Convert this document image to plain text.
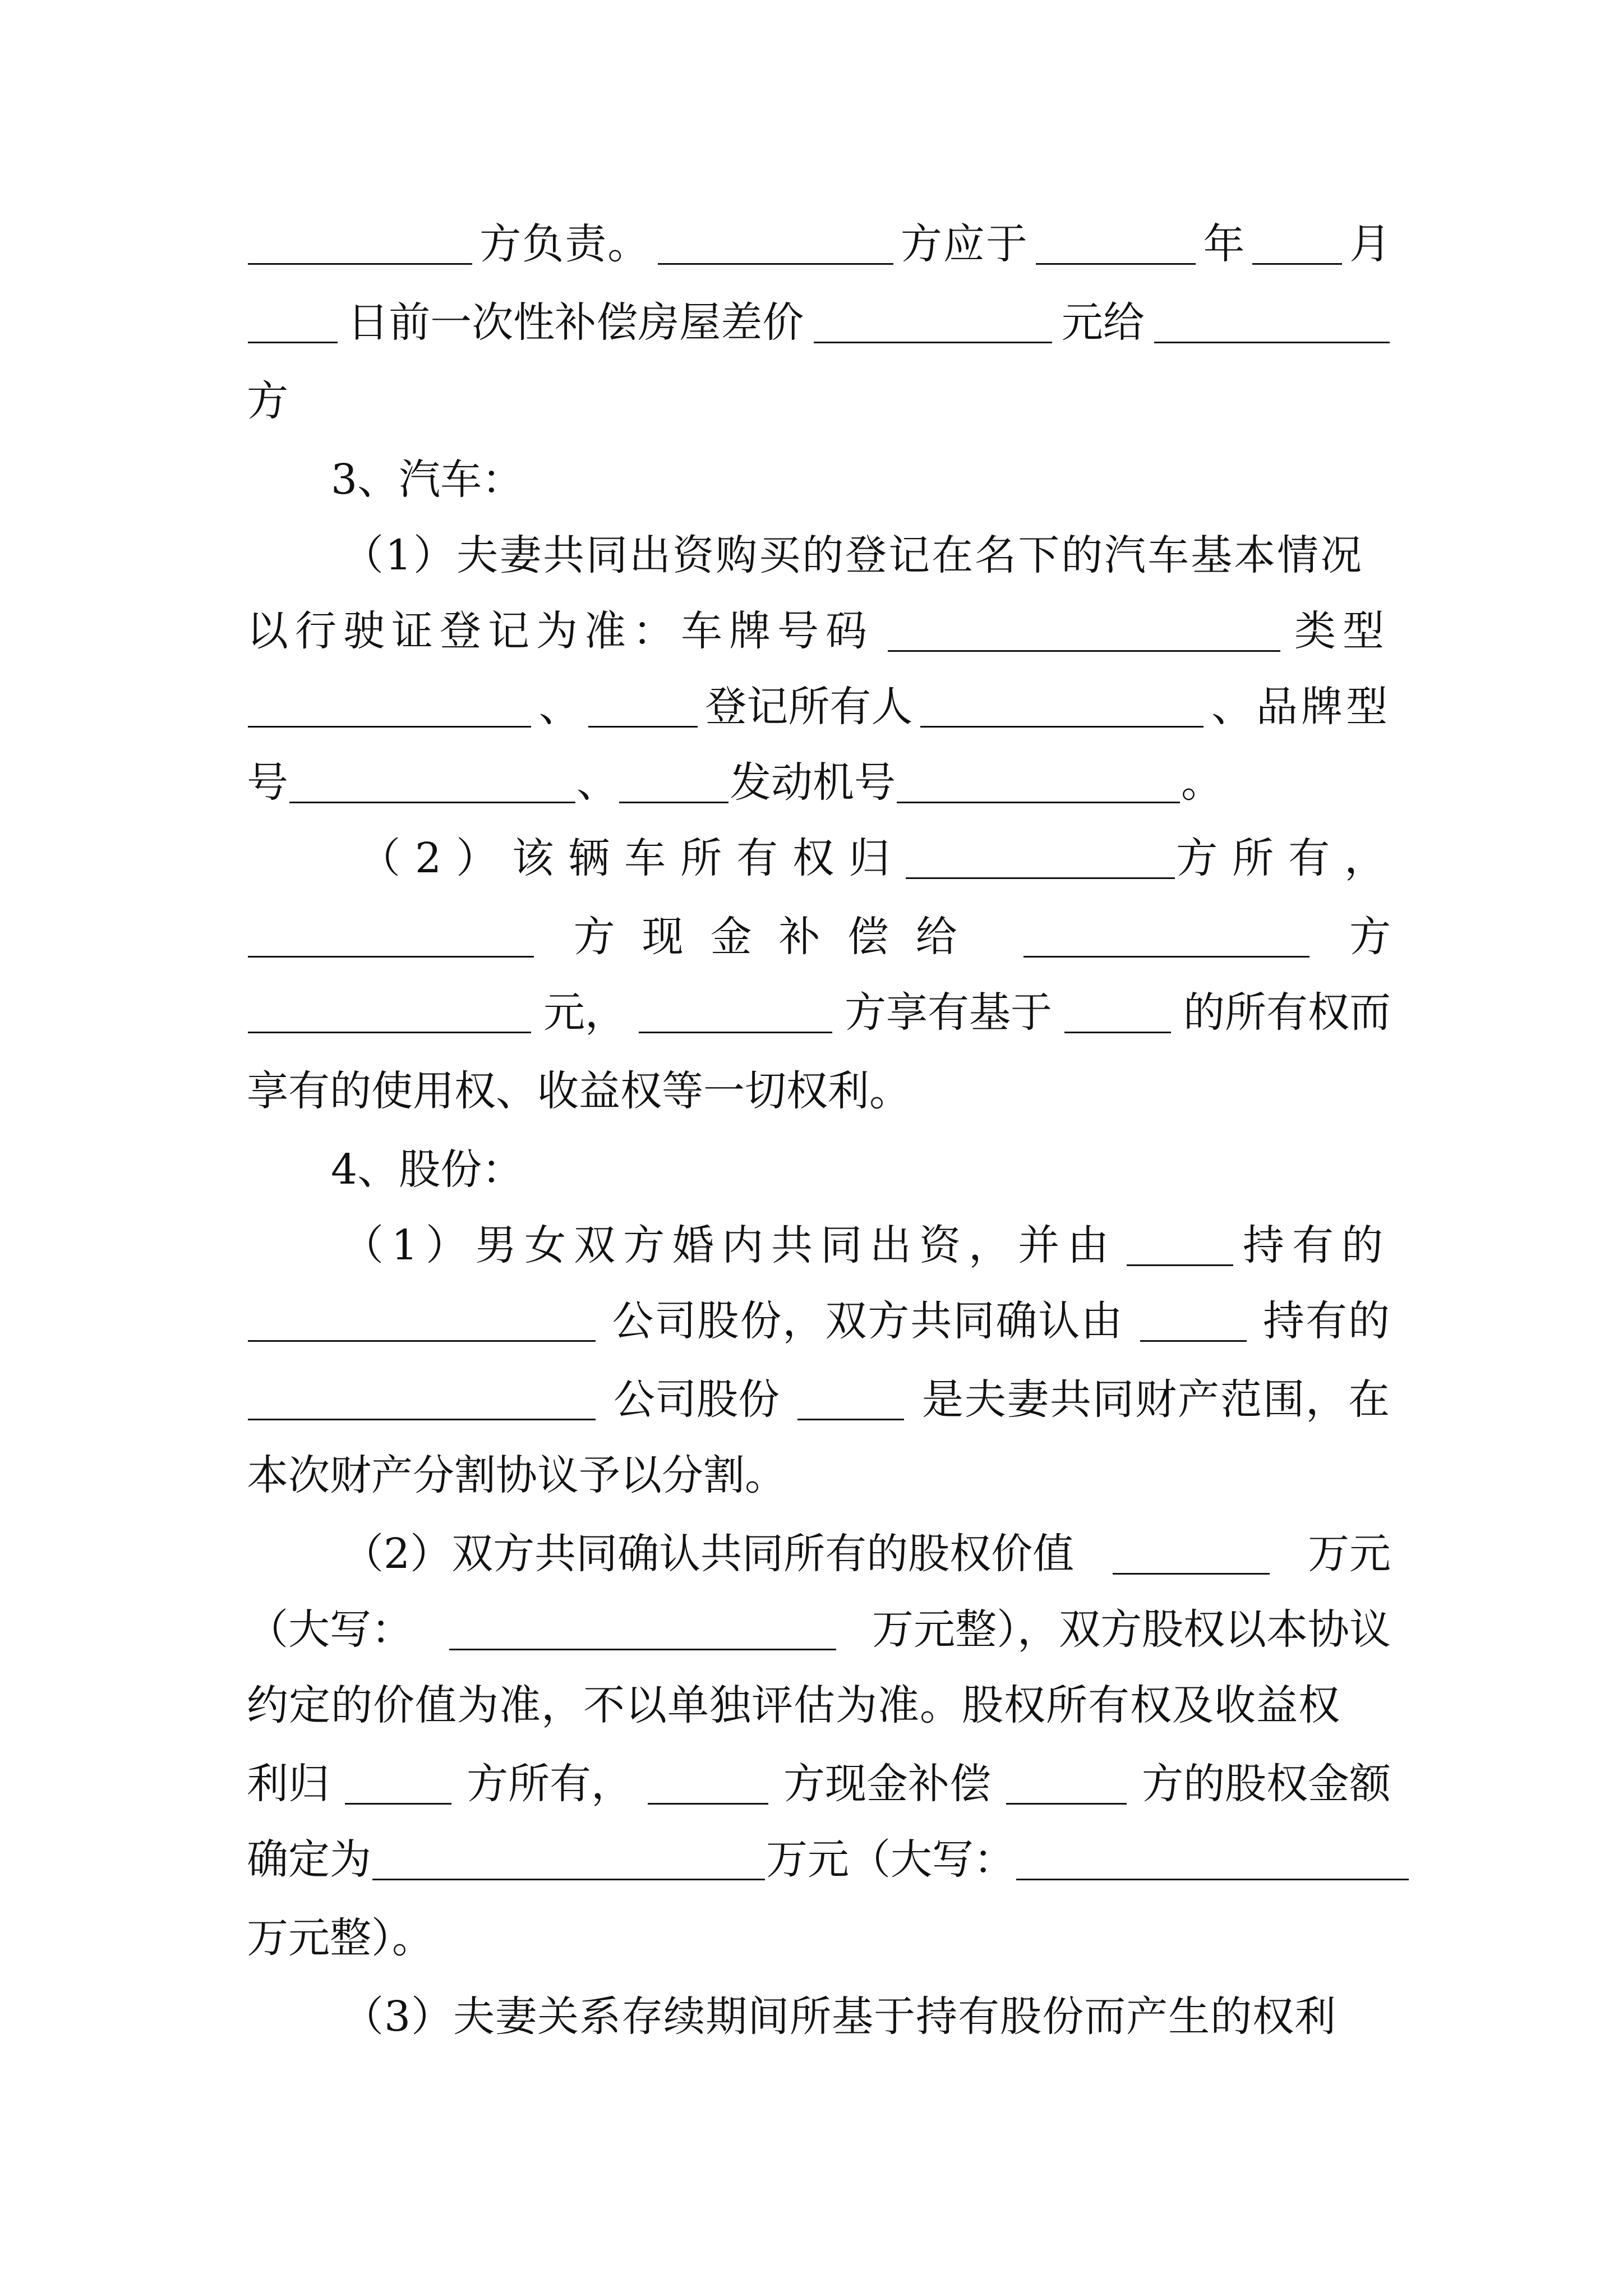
方负责。	方应于	年	月
日前一次性补偿房屋差价	元给
方
3、汽车：
（1）夫妻共同出资购买的登记在名下的汽车基本情况
以行驶证登记为准：车牌号码	类型
、	登记所有人	、品牌型
号	、	发动机号	。
（2）该辆车所有权归	方所有，
方现金补偿给	方
元，	方享有基于	的所有权而
享有的使用权、收益权等一切权利。
4、股份：
（1）男女双方婚内共同出资，并由	持有的
公司股份，双方共同确认由	持有的
公司股份	是夫妻共同财产范围，在
本次财产分割协议予以分割。
（2）双方共同确认共同所有的股权价值	万元
（大写：	万元整），双方股权以本协议
约定的价值为准，不以单独评估为准。股权所有权及收益权
利归	方所有，	方现金补偿	方的股权金额
确定为	万元（大写：
万元整）。
（3）夫妻关系存续期间所基于持有股份而产生的权利
